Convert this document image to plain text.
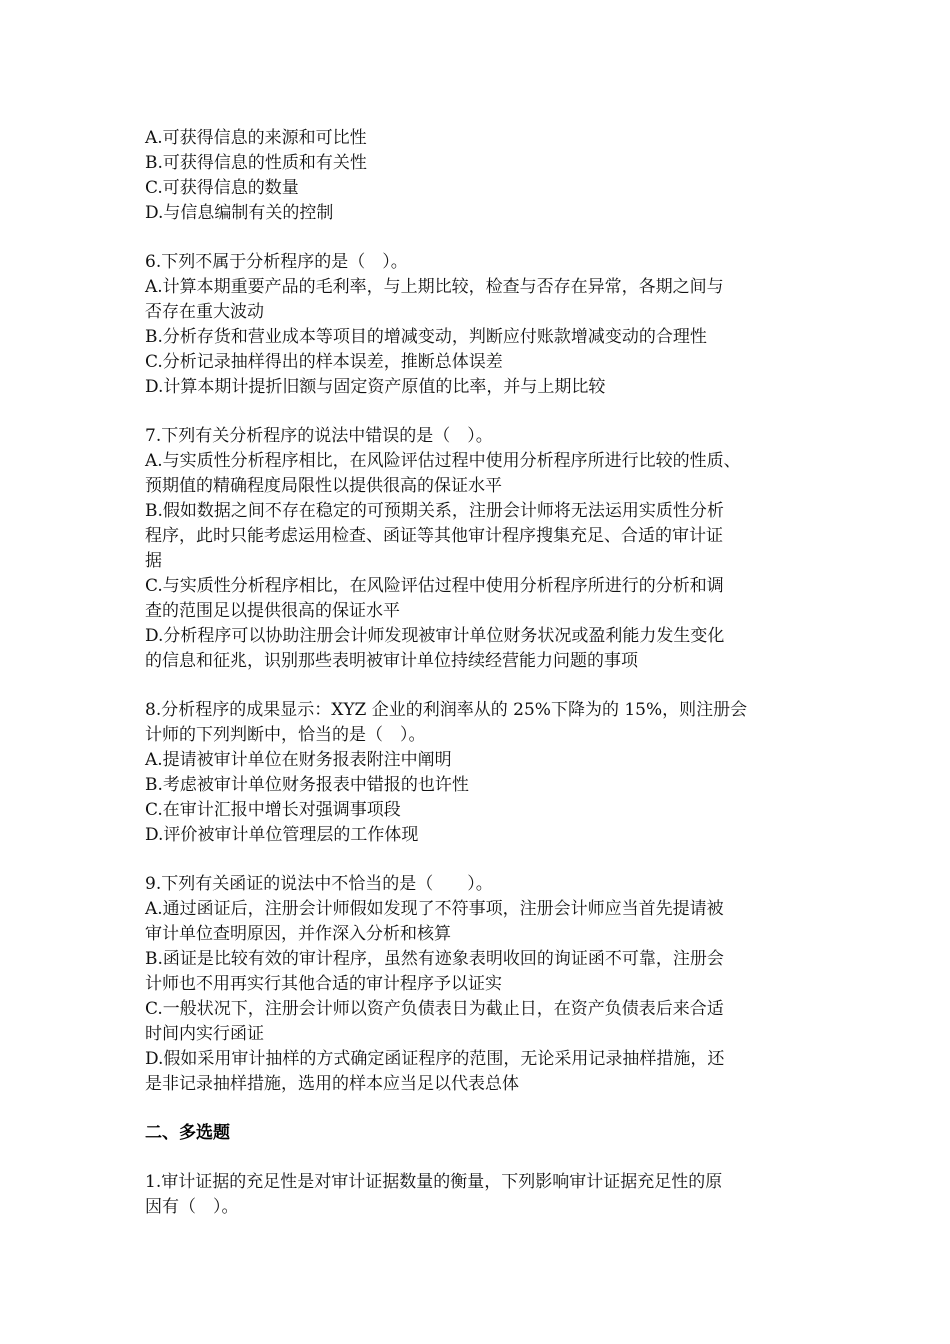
A.可获得信息的来源和可比性
B.可获得信息的性质和有关性
C.可获得信息的数量
D.与信息编制有关的控制
6.下列不属于分析程序的是（　）。
A.计算本期重要产品的毛利率，与上期比较，检查与否存在异常，各期之间与
否存在重大波动
B.分析存货和营业成本等项目的增减变动，判断应付账款增减变动的合理性
C.分析记录抽样得出的样本误差，推断总体误差
D.计算本期计提折旧额与固定资产原值的比率，并与上期比较
7.下列有关分析程序的说法中错误的是（　）。
A.与实质性分析程序相比，在风险评估过程中使用分析程序所进行比较的性质、
预期值的精确程度局限性以提供很高的保证水平
B.假如数据之间不存在稳定的可预期关系，注册会计师将无法运用实质性分析
程序，此时只能考虑运用检查、函证等其他审计程序搜集充足、合适的审计证
据
C.与实质性分析程序相比，在风险评估过程中使用分析程序所进行的分析和调
查的范围足以提供很高的保证水平
D.分析程序可以协助注册会计师发现被审计单位财务状况或盈利能力发生变化
的信息和征兆，识别那些表明被审计单位持续经营能力问题的事项
8.分析程序的成果显示：XYZ 企业的利润率从的 25%下降为的 15%，则注册会
计师的下列判断中，恰当的是（　）。
A.提请被审计单位在财务报表附注中阐明
B.考虑被审计单位财务报表中错报的也许性
C.在审计汇报中增长对强调事项段
D.评价被审计单位管理层的工作体现
9.下列有关函证的说法中不恰当的是（　　）。
A.通过函证后，注册会计师假如发现了不符事项，注册会计师应当首先提请被
审计单位查明原因，并作深入分析和核算
B.函证是比较有效的审计程序，虽然有迹象表明收回的询证函不可靠，注册会
计师也不用再实行其他合适的审计程序予以证实
C.一般状况下，注册会计师以资产负债表日为截止日，在资产负债表后来合适
时间内实行函证
D.假如采用审计抽样的方式确定函证程序的范围，无论采用记录抽样措施，还
是非记录抽样措施，选用的样本应当足以代表总体
二、多选题
1.审计证据的充足性是对审计证据数量的衡量，下列影响审计证据充足性的原
因有（　）。
